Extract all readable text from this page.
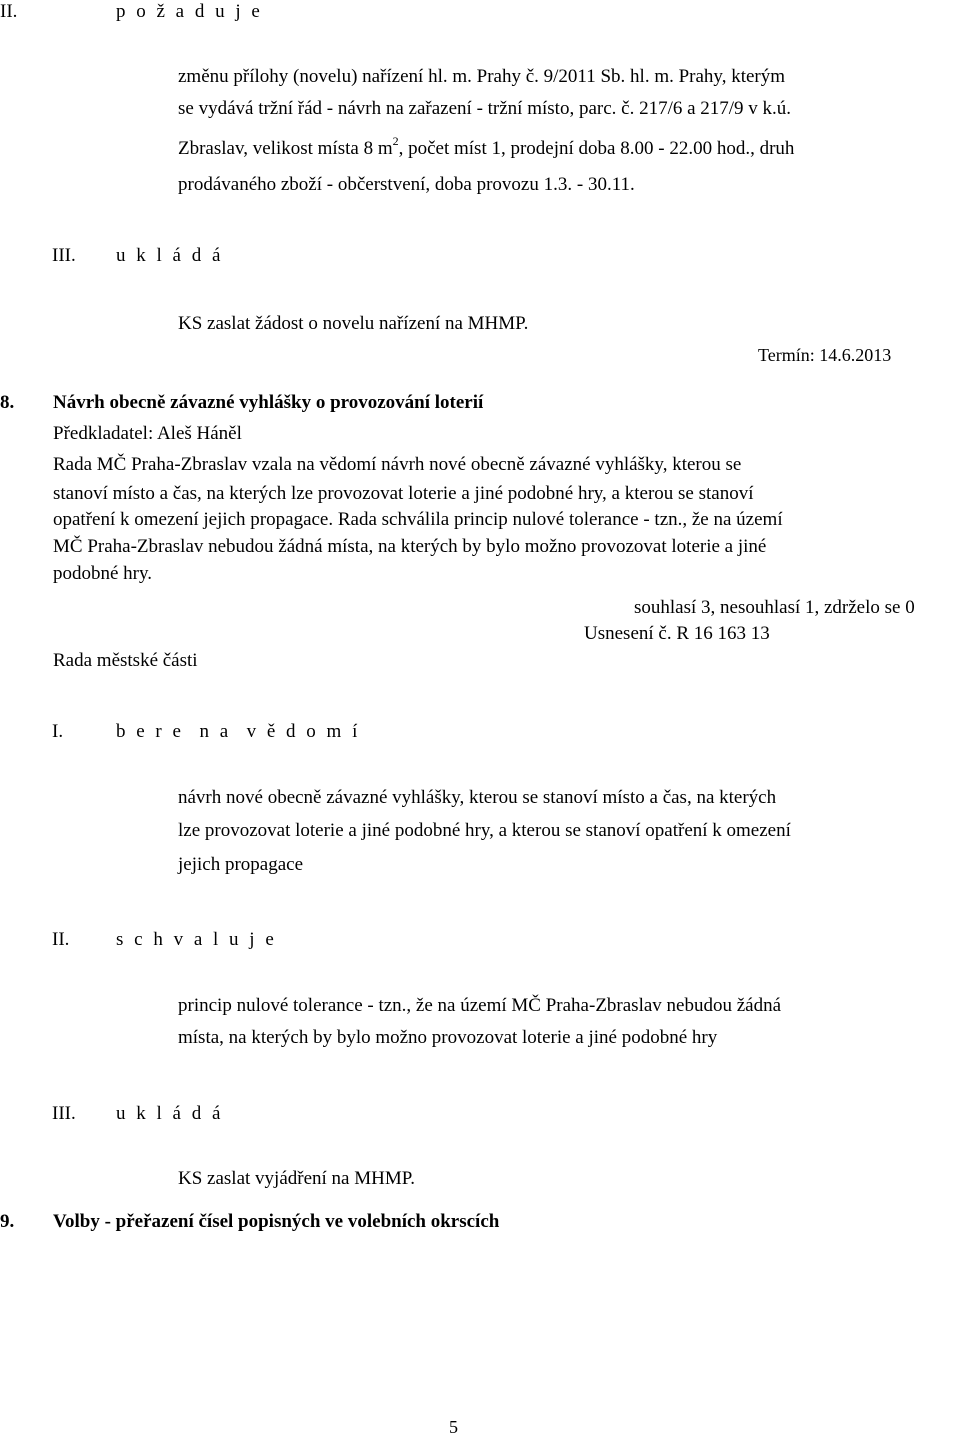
II.	p o ž a d u j e
změnu přílohy (novelu) nařízení hl. m. Prahy č. 9/2011 Sb. hl. m. Prahy, kterým
se vydává tržní řád - návrh na zařazení - tržní místo, parc. č. 217/6 a 217/9 v k.ú.
Zbraslav, velikost místa 8 $m^2$, počet míst 1, prodejní doba 8.00 - 22.00 hod., druh
prodávaného zboží - občerstvení, doba provozu 1.3. - 30.11.
III. u k l á d á
KS zaslat žádost o novelu nařízení na MHMP.
Termín: 14.6.2013
8. Návrh obecně závazné vyhlášky o provozování loterií
Předkladatel: Aleš Háněl
Rada MČ Praha-Zbraslav vzala na vědomí návrh nové obecně závazné vyhlášky, kterou se
stanoví místo a čas, na kterých lze provozovat loterie a jiné podobné hry, a kterou se stanoví
opatření k omezení jejich propagace. Rada schválila princip nulové tolerance - tzn., že na území
MČ Praha-Zbraslav nebudou žádná místa, na kterých by bylo možno provozovat loterie a jiné
podobné hry.
souhlasí 3, nesouhlasí 1, zdrželo se 0
Usnesení č. R 16 163 13
Rada městské části
I.	b e r e  n a  v ě d o m í
návrh nové obecně závazné vyhlášky, kterou se stanoví místo a čas, na kterých
lze provozovat loterie a jiné podobné hry, a kterou se stanoví opatření k omezení
jejich propagace
II. s c h v a l u j e
princip nulové tolerance - tzn., že na území MČ Praha-Zbraslav nebudou žádná
místa, na kterých by bylo možno provozovat loterie a jiné podobné hry
III. u k l á d á
KS zaslat vyjádření na MHMP.
9. Volby - přeřazení čísel popisných ve volebních okrscích
5
